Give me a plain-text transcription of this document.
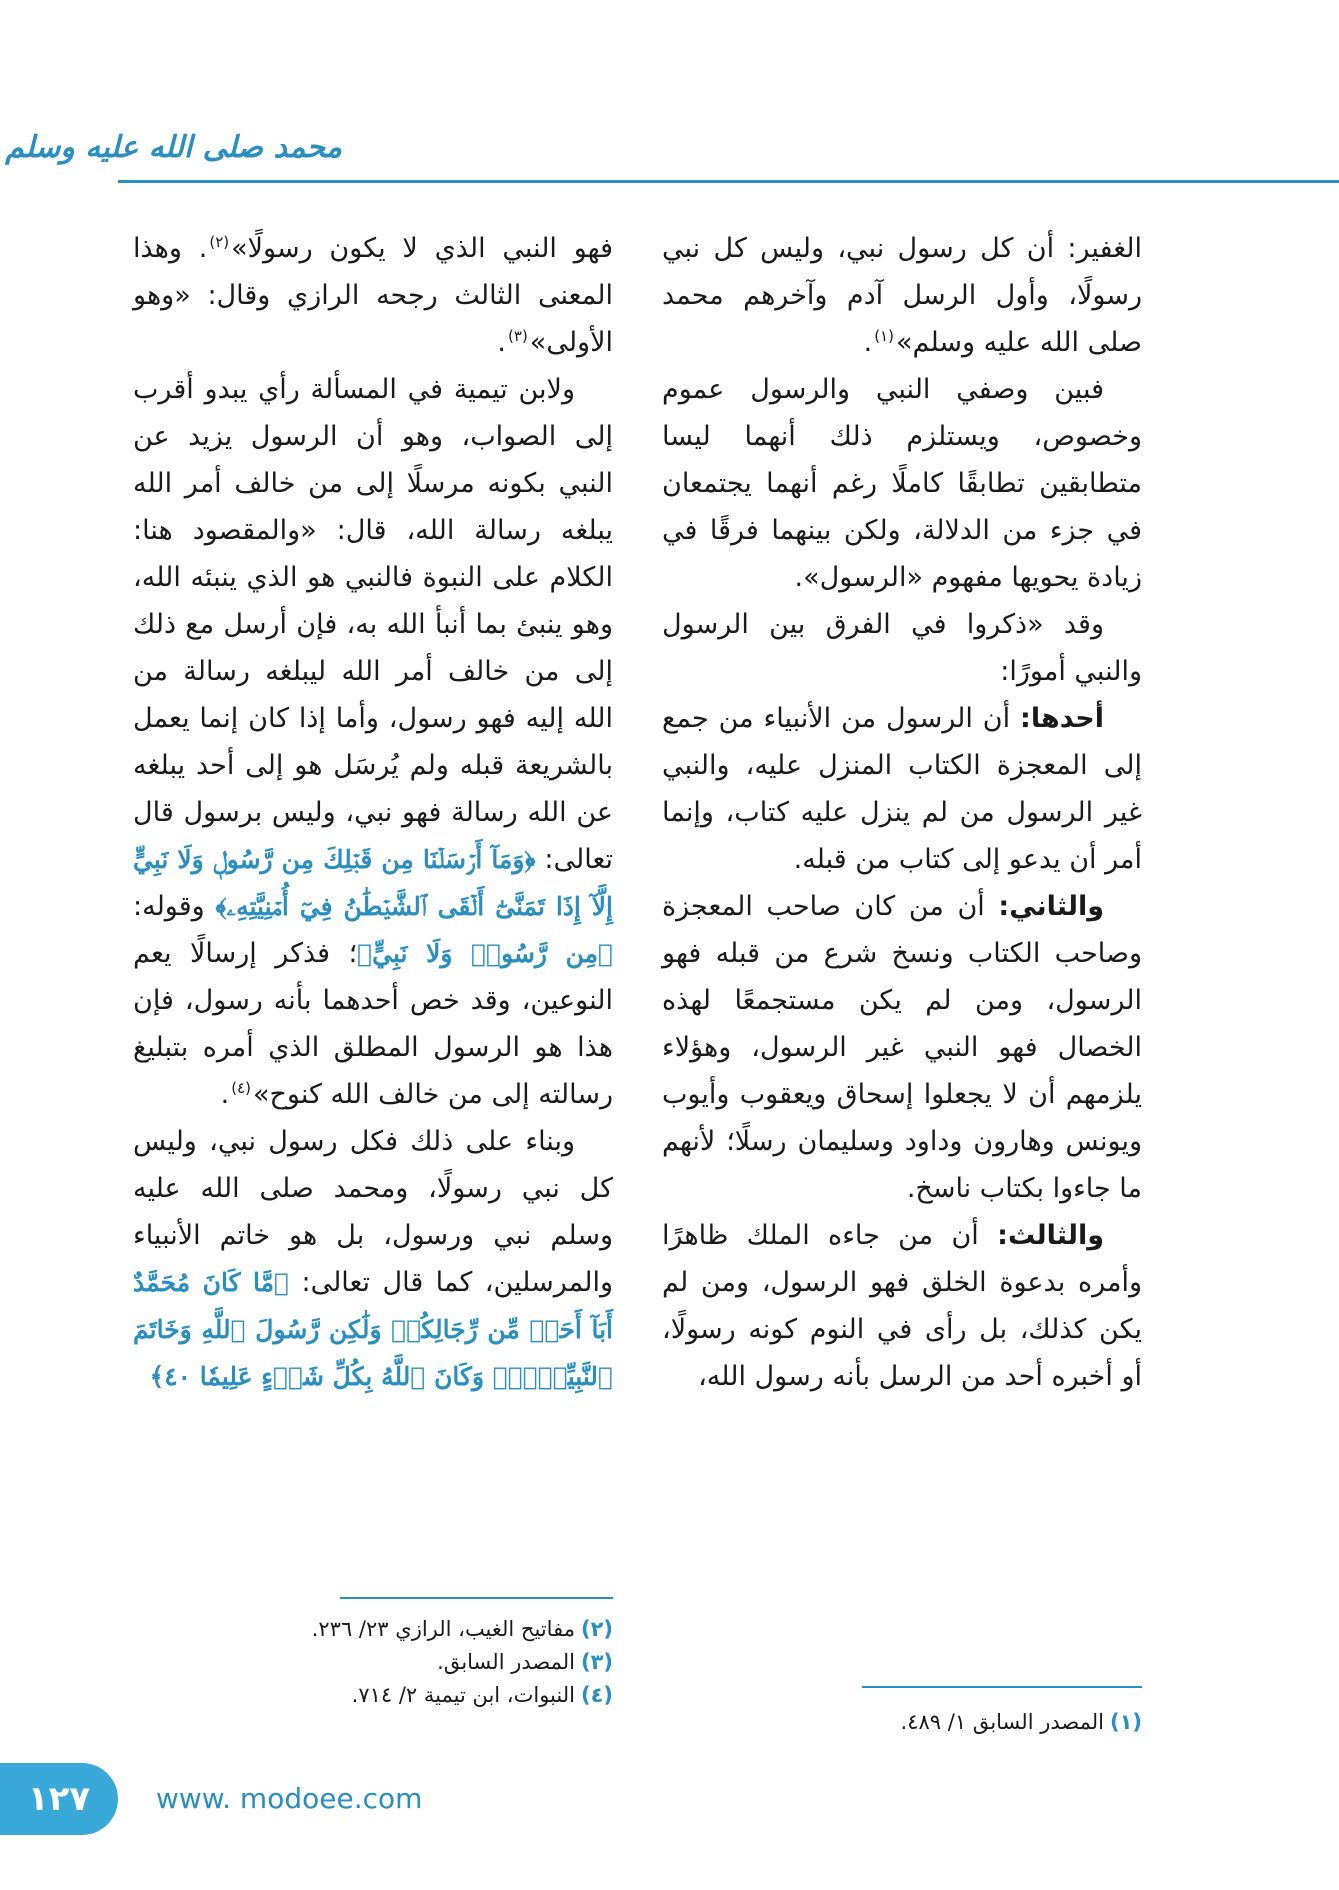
محمد صلى الله عليه وسلم

الغفير: أن كل رسول نبي، وليس كل نبي رسولًا، وأول الرسل آدم وآخرهم محمد صلى الله عليه وسلم»$^{(١)}$.

فبين وصفي النبي والرسول عموم وخصوص، ويستلزم ذلك أنهما ليسا متطابقين تطابقًا كاملًا رغم أنهما يجتمعان في جزء من الدلالة، ولكن بينهما فرقًا في زيادة يحويها مفهوم «الرسول».

وقد «ذكروا في الفرق بين الرسول والنبي أمورًا:

أحدها: أن الرسول من الأنبياء من جمع إلى المعجزة الكتاب المنزل عليه، والنبي غير الرسول من لم ينزل عليه كتاب، وإنما أمر أن يدعو إلى كتاب من قبله.

والثاني: أن من كان صاحب المعجزة وصاحب الكتاب ونسخ شرع من قبله فهو الرسول، ومن لم يكن مستجمعًا لهذه الخصال فهو النبي غير الرسول، وهؤلاء يلزمهم أن لا يجعلوا إسحاق ويعقوب وأيوب ويونس وهارون وداود وسليمان رسلًا؛ لأنهم ما جاءوا بكتاب ناسخ.

والثالث: أن من جاءه الملك ظاهرًا وأمره بدعوة الخلق فهو الرسول، ومن لم يكن كذلك، بل رأى في النوم كونه رسولًا، أو أخبره أحد من الرسل بأنه رسول الله،

فهو النبي الذي لا يكون رسولًا»$^{(٢)}$. وهذا المعنى الثالث رجحه الرازي وقال: «وهو الأولى»$^{(٣)}$.

ولابن تيمية في المسألة رأي يبدو أقرب إلى الصواب، وهو أن الرسول يزيد عن النبي بكونه مرسلًا إلى من خالف أمر الله يبلغه رسالة الله، قال: «والمقصود هنا: الكلام على النبوة فالنبي هو الذي ينبئه الله، وهو ينبئ بما أنبأ الله به، فإن أرسل مع ذلك إلى من خالف أمر الله ليبلغه رسالة من الله إليه فهو رسول، وأما إذا كان إنما يعمل بالشريعة قبله ولم يُرسَل هو إلى أحد يبلغه عن الله رسالة فهو نبي، وليس برسول قال تعالى: ﴿وَمَآ أَرۡسَلۡنَا مِن قَبۡلِكَ مِن رَّسُولٖ وَلَا نَبِيٍّ إِلَّآ إِذَا تَمَنَّىٰٓ أَلۡقَى ٱلشَّيۡطَٰنُ فِيٓ أُمۡنِيَّتِهِۦ﴾ وقوله: ﴿مِن رَّسُولٖ وَلَا نَبِيٍّ﴾؛ فذكر إرسالًا يعم النوعين، وقد خص أحدهما بأنه رسول، فإن هذا هو الرسول المطلق الذي أمره بتبليغ رسالته إلى من خالف الله كنوح»$^{(٤)}$.

وبناء على ذلك فكل رسول نبي، وليس كل نبي رسولًا، ومحمد صلى الله عليه وسلم نبي ورسول، بل هو خاتم الأنبياء والمرسلين، كما قال تعالى: ﴿مَّا كَانَ مُحَمَّدٌ أَبَآ أَحَدٖ مِّن رِّجَالِكُمۡ وَلَٰكِن رَّسُولَ ٱللَّهِ وَخَاتَمَ ٱلنَّبِيِّـۧنَۗ وَكَانَ ٱللَّهُ بِكُلِّ شَيۡءٍ عَلِيمٗا ٤٠﴾

(٢)مفاتيح الغيب، الرازي ٢٣/ ٢٣٦.
(٣)المصدر السابق.
(٤)النبوات، ابن تيمية ٢/ ٧١٤.
(١)المصدر السابق ١/ ٤٨٩.
١٢٧ www. modoee.com
